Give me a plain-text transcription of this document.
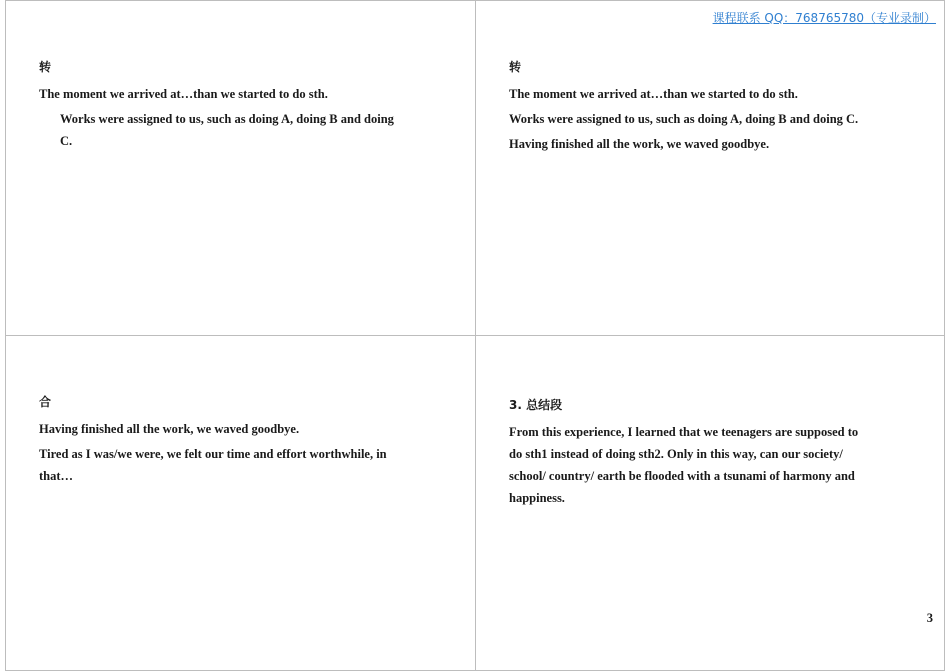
课程联系 QQ：768765780（专业录制）

转

The moment we arrived at…than we started to do sth.

Works were assigned to us, such as doing A, doing B and doing

C.

转

The moment we arrived at…than we started to do sth.

Works were assigned to us, such as doing A, doing B and doing C.

Having finished all the work, we waved goodbye.

合

Having finished all the work, we waved goodbye.

Tired as I was/we were, we felt our time and effort worthwhile, in

that…

3. 总结段

From this experience, I learned that we teenagers are supposed to

do sth1 instead of doing sth2. Only in this way, can our society/

school/ country/ earth be flooded with a tsunami of harmony and

happiness.

3
